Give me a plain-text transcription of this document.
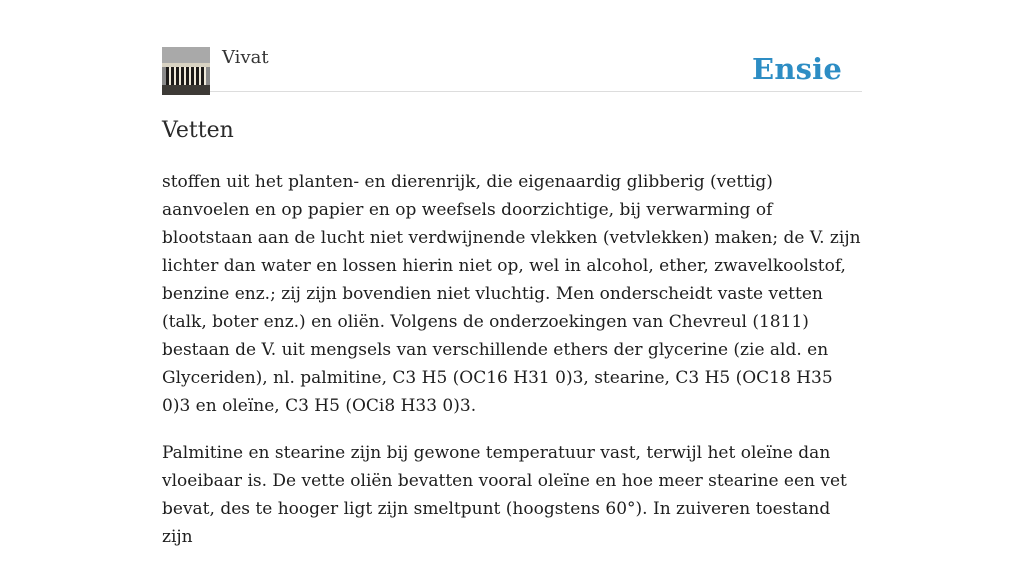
Vivat	Ensie
Vetten

stoffen uit het planten- en dierenrijk, die eigenaardig glibberig (vettig) aanvoelen en op papier en op weefsels doorzichtige, bij verwarming of blootstaan aan de lucht niet verdwijnende vlekken (vetvlekken) maken; de V. zijn lichter dan water en lossen hierin niet op, wel in alcohol, ether, zwavelkoolstof, benzine enz.; zij zijn bovendien niet vluchtig. Men onderscheidt vaste vetten (talk, boter enz.) en oliën. Volgens de onderzoekingen van Chevreul (1811) bestaan de V. uit mengsels van verschillende ethers der glycerine (zie ald. en Glyceriden), nl. palmitine, C3 H5 (OC16 H31 0)3, stearine, C3 H5 (OC18 H35 0)3 en oleïne, C3 H5 (OCi8 H33 0)3.

Palmitine en stearine zijn bij gewone temperatuur vast, terwijl het oleïne dan vloeibaar is. De vette oliën bevatten vooral oleïne en hoe meer stearine een vet bevat, des te hooger ligt zijn smeltpunt (hoogstens 60°). In zuiveren toestand zijn
